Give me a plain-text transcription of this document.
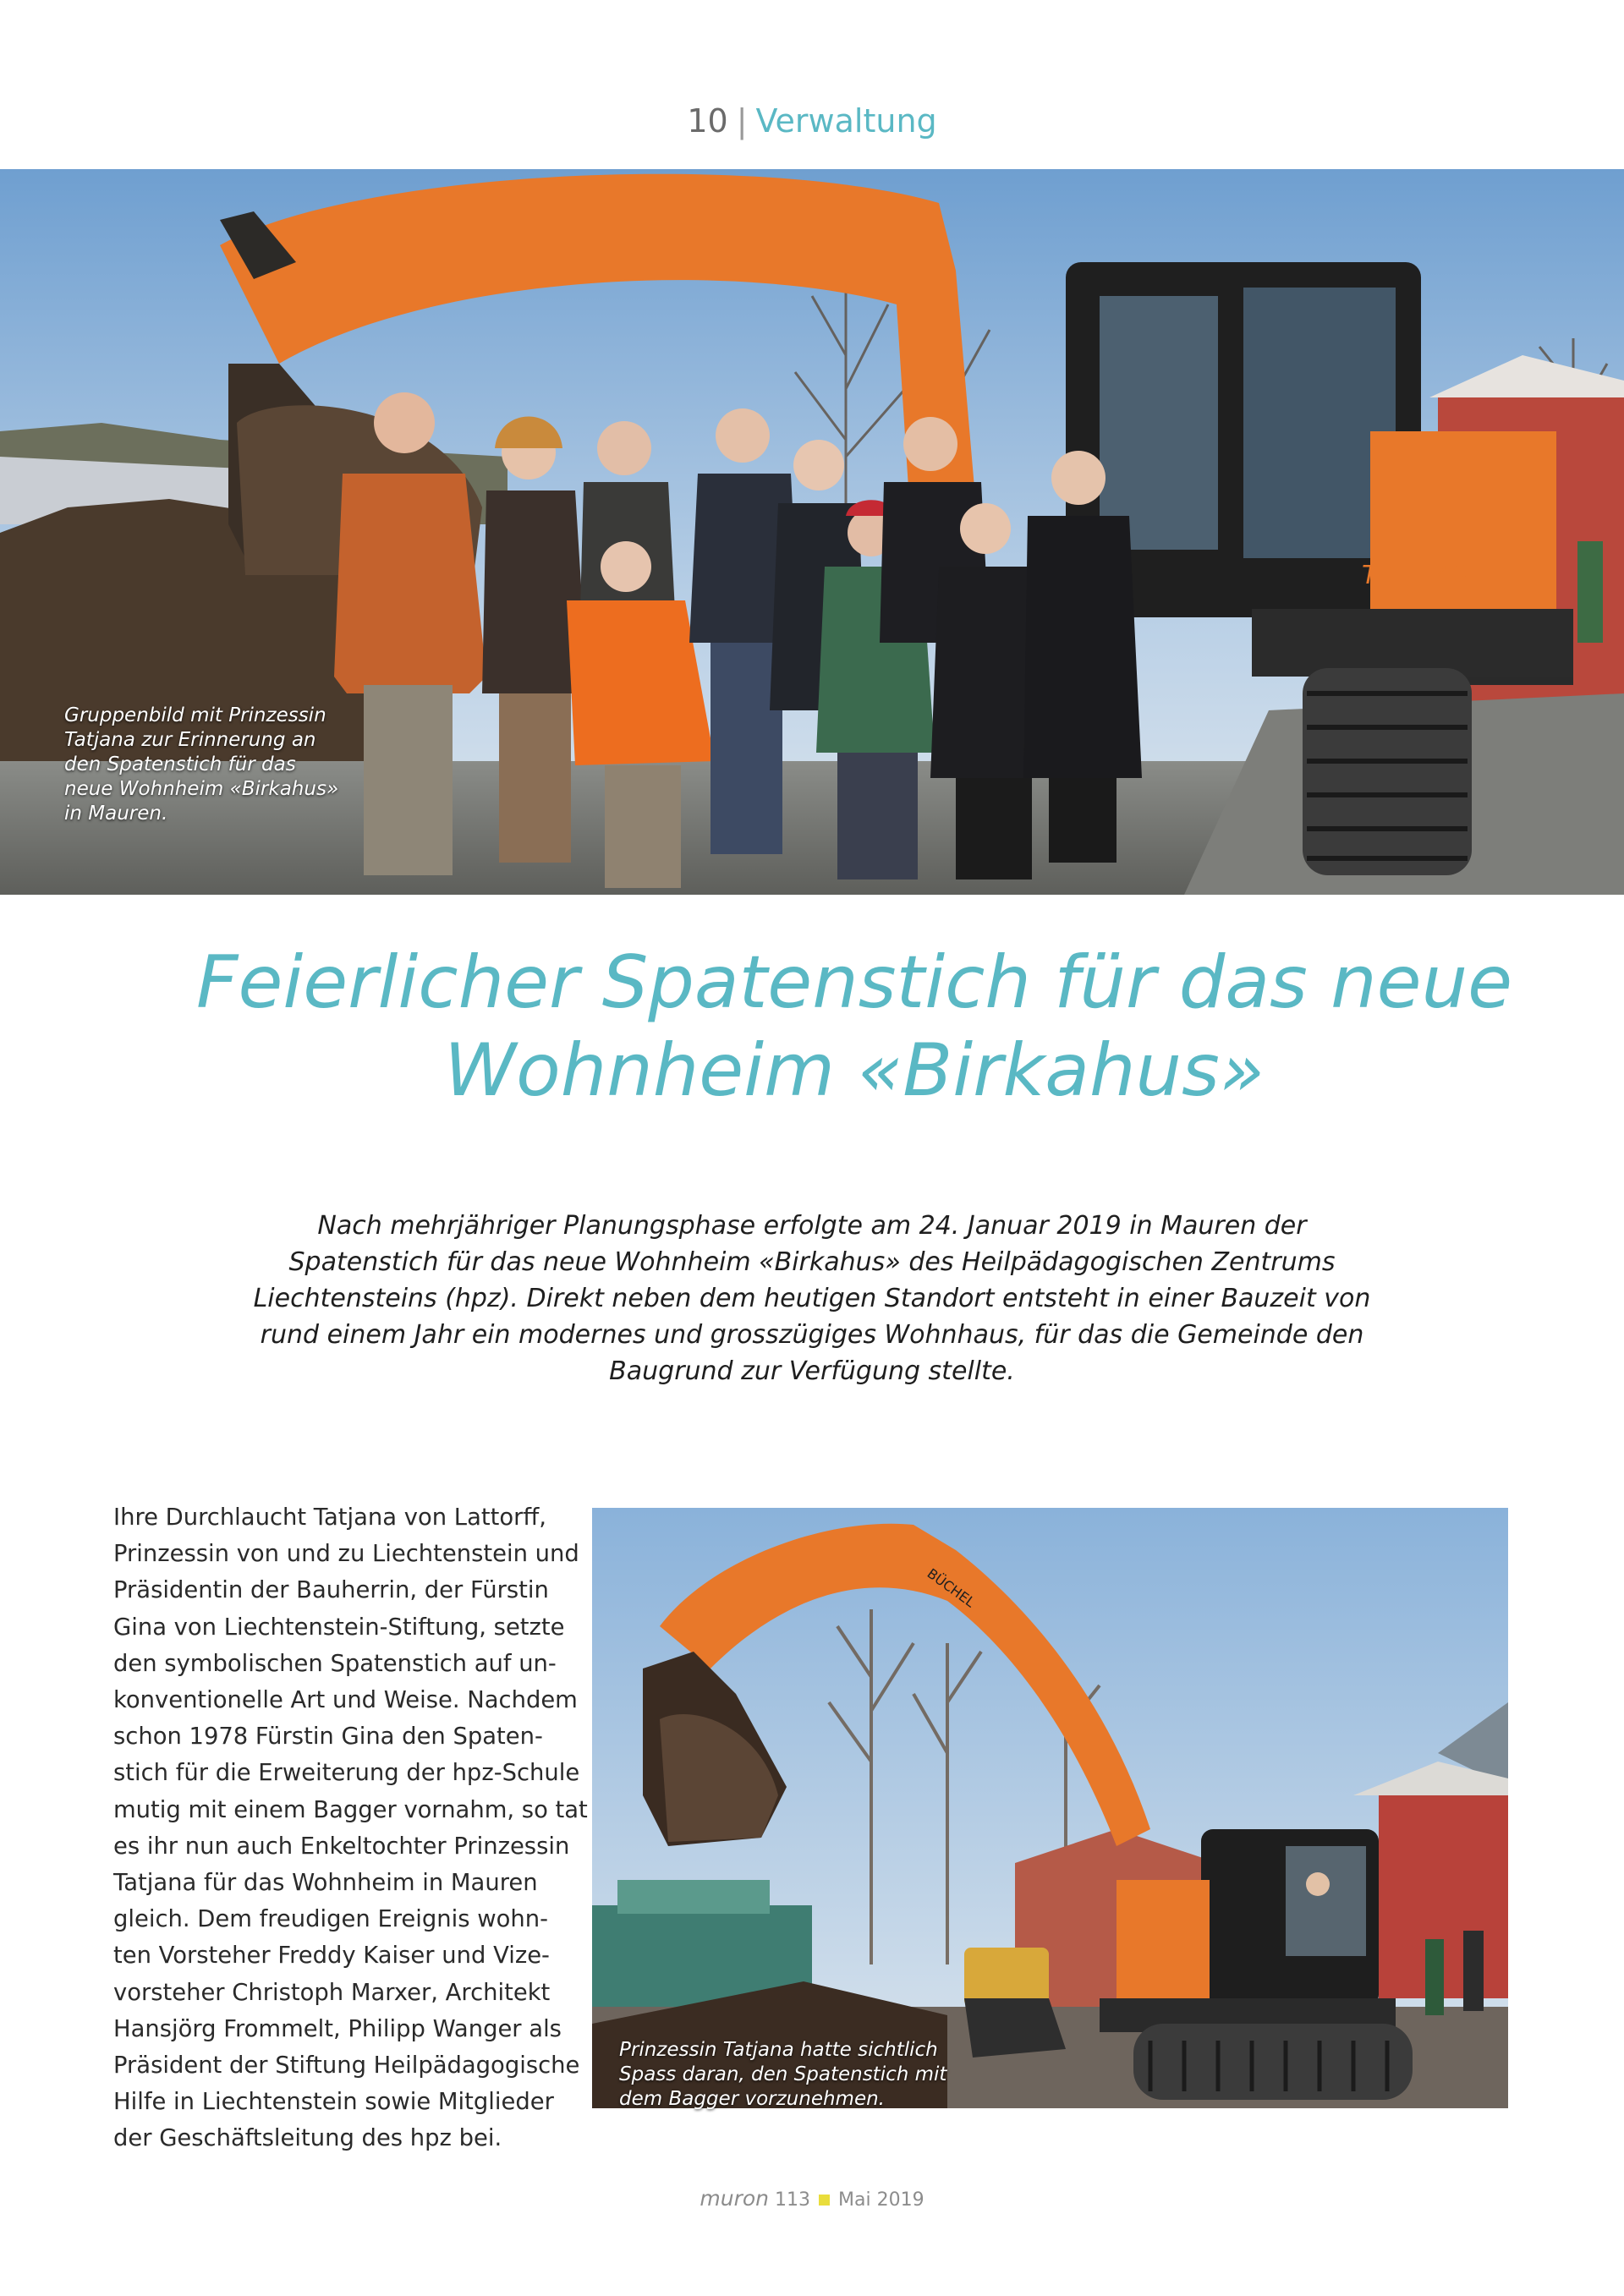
10 | Verwaltung
TB 1140
Gruppenbild mit Prinzessin
Tatjana zur Erinnerung an
den Spatenstich für das
neue Wohnheim «Birkahus»
in Mauren.
Feierlicher Spatenstich für das neue
Wohnheim «Birkahus»
Nach mehrjähriger Planungsphase erfolgte am 24. Januar 2019 in Mauren der
Spatenstich für das neue Wohnheim «Birkahus» des Heilpädagogischen Zentrums
Liechtensteins (hpz). Direkt neben dem heutigen Standort entsteht in einer Bauzeit von
rund einem Jahr ein modernes und grosszügiges Wohnhaus, für das die Gemeinde den
Baugrund zur Verfügung stellte.
Ihre Durchlaucht Tatjana von Lattorff,
Prinzessin von und zu Liechtenstein und
Präsidentin der Bauherrin, der Fürstin
Gina von Liechtenstein-Stiftung, setzte
den symbolischen Spatenstich auf un-
konventionelle Art und Weise. Nachdem
schon 1978 Fürstin Gina den Spaten-
stich für die Erweiterung der hpz-Schule
mutig mit einem Bagger vornahm, so tat
es ihr nun auch Enkeltochter Prinzessin
Tatjana für das Wohnheim in Mauren
gleich. Dem freudigen Ereignis wohn-
ten Vorsteher Freddy Kaiser und Vize-
vorsteher Christoph Marxer, Architekt
Hansjörg Frommelt, Philipp Wanger als
Präsident der Stiftung Heilpädagogische
Hilfe in Liechtenstein sowie Mitglieder
der Geschäftsleitung des hpz bei.
BÜCHEL
Prinzessin Tatjana hatte sichtlich
Spass daran, den Spatenstich mit
dem Bagger vorzunehmen.
muron 113 Mai 2019
